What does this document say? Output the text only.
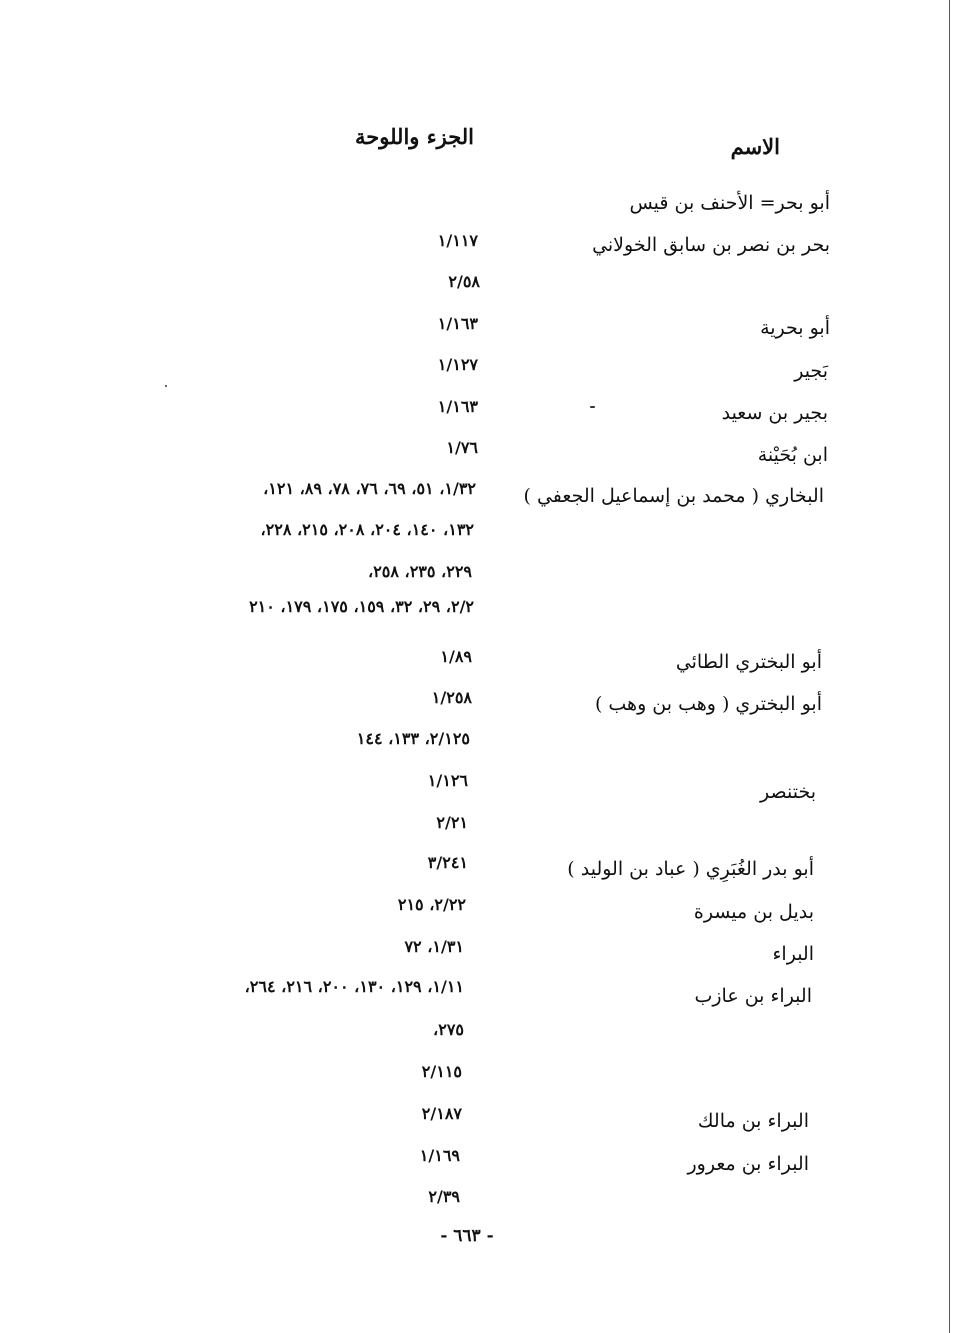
الاسم
الجزء واللوحة
أبو بحر= الأحنف بن قيس
بحر بن نصر بن سابق الخولاني
أبو بحرية
بَجير
بجير بن سعيد
ابن بُحَيْنة
البخاري ( محمد بن إسماعيل الجعفي )
أبو البختري الطائي
أبو البختري ( وهب بن وهب )
بختنصر
أبو بدر الغُبَرِي ( عباد بن الوليد )
بديل بن ميسرة
البراء
البراء بن عازب
البراء بن مالك
البراء بن معرور
١/١١٧
٢/٥٨
١/١٦٣
١/١٢٧
١/١٦٣
١/٧٦
١/٣٢، ٥١، ٦٩، ٧٦، ٧٨، ٨٩، ١٢١،
١٣٢، ١٤٠، ٢٠٤، ٢٠٨، ٢١٥، ٢٢٨،
٢٢٩، ٢٣٥، ٢٥٨،
٢/٢، ٢٩، ٣٢، ١٥٩، ١٧٥، ١٧٩، ٢١٠
١/٨٩
١/٢٥٨
٢/١٢٥، ١٣٣، ١٤٤
١/١٢٦
٢/٢١
٣/٢٤١
٢/٢٢، ٢١٥
١/٣١، ٧٢
١/١١، ١٢٩، ١٣٠، ٢٠٠، ٢١٦، ٢٦٤،
٢٧٥،
٢/١١٥
٢/١٨٧
١/١٦٩
٢/٣٩
- ٦٦٣ -
